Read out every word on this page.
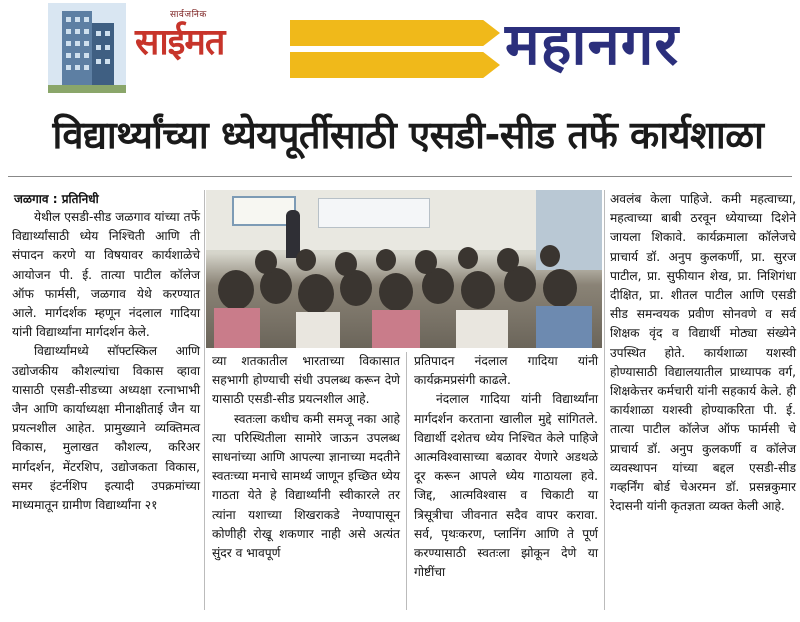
सार्वजनिक
साईमत	महानगर
विद्यार्थ्यांच्या ध्येयपूर्तीसाठी एसडी-सीड तर्फे कार्यशाळा
जळगाव : प्रतिनिधी

येथील एसडी-सीड जळगाव यांच्या तर्फे विद्यार्थ्यांसाठी ध्येय निश्चिती आणि ती संपादन करणे या विषयावर कार्यशाळेचे आयोजन पी. ई. तात्या पाटील कॉलेज ऑफ फार्मसी, जळगाव येथे करण्यात आले. मार्गदर्शक म्हणून नंदलाल गादिया यांनी विद्यार्थ्यांना मार्गदर्शन केले.

विद्यार्थ्यांमध्ये सॉफ्टस्किल आणि उद्योजकीय कौशल्यांचा विकास व्हावा यासाठी एसडी-सीडच्या अध्यक्षा रत्नाभाभी जैन आणि कार्याध्यक्षा मीनाक्षीताई जैन या प्रयत्नशील आहेत. प्रामुख्याने व्यक्तिमत्व विकास, मुलाखत कौशल्य, करिअर मार्गदर्शन, मेंटरशिप, उद्योजकता विकास, समर इंटर्नशिप इत्यादी उपक्रमांच्या माध्यमातून ग्रामीण विद्यार्थ्यांना २१

व्या शतकातील भारताच्या विकासात सहभागी होण्याची संधी उपलब्ध करून देणे यासाठी एसडी-सीड प्रयत्नशील आहे.

स्वतःला कधीच कमी समजू नका आहे त्या परिस्थितीला सामोरे जाऊन उपलब्ध साधनांच्या आणि आपल्या ज्ञानाच्या मदतीने स्वतःच्या मनाचे सामर्थ्य जाणून इच्छित ध्येय गाठता येते हे विद्यार्थ्यांनी स्वीकारले तर त्यांना यशाच्या शिखराकडे नेण्यापासून कोणीही रोखू शकणार नाही असे अत्यंत सुंदर व भावपूर्ण

प्रतिपादन नंदलाल गादिया यांनी कार्यक्रमप्रसंगी काढले.

नंदलाल गादिया यांनी विद्यार्थ्यांना मार्गदर्शन करताना खालील मुद्दे सांगितले. विद्यार्थी दशेतच ध्येय निश्चित केले पाहिजे आत्मविश्वासाच्या बळावर येणारे अडथळे दूर करून आपले ध्येय गाठायला हवे. जिद्द, आत्मविश्वास व चिकाटी या त्रिसूत्रीचा जीवनात सदैव वापर करावा. सर्व, पृथःकरण, प्लानिंग आणि ते पूर्ण करण्यासाठी स्वतःला झोकून देणे या गोष्टींचा

अवलंब केला पाहिजे. कमी महत्वाच्या, महत्वाच्या बाबी ठरवून ध्येयाच्या दिशेने जायला शिकावे. कार्यक्रमाला कॉलेजचे प्राचार्य डॉ. अनुप कुलकर्णी, प्रा. सुरज पाटील, प्रा. सुफीयान शेख, प्रा. निशिगंधा दीक्षित, प्रा. शीतल पाटील आणि एसडी सीड समन्वयक प्रवीण सोनवणे व सर्व शिक्षक वृंद व विद्यार्थी मोठ्या संख्येने उपस्थित होते. कार्यशाळा यशस्वी होण्यासाठी विद्यालयातील प्राध्यापक वर्ग, शिक्षकेत्तर कर्मचारी यांनी सहकार्य केले. ही कार्यशाळा यशस्वी होण्याकरिता पी. ई. तात्या पाटील कॉलेज ऑफ फार्मसी चे प्राचार्य डॉ. अनुप कुलकर्णी व कॉलेज व्यवस्थापन यांच्या बद्दल एसडी-सीड गव्हर्निंग बोर्ड चेअरमन डॉ. प्रसन्नकुमार रेदासनी यांनी कृतज्ञता व्यक्त केली आहे.
